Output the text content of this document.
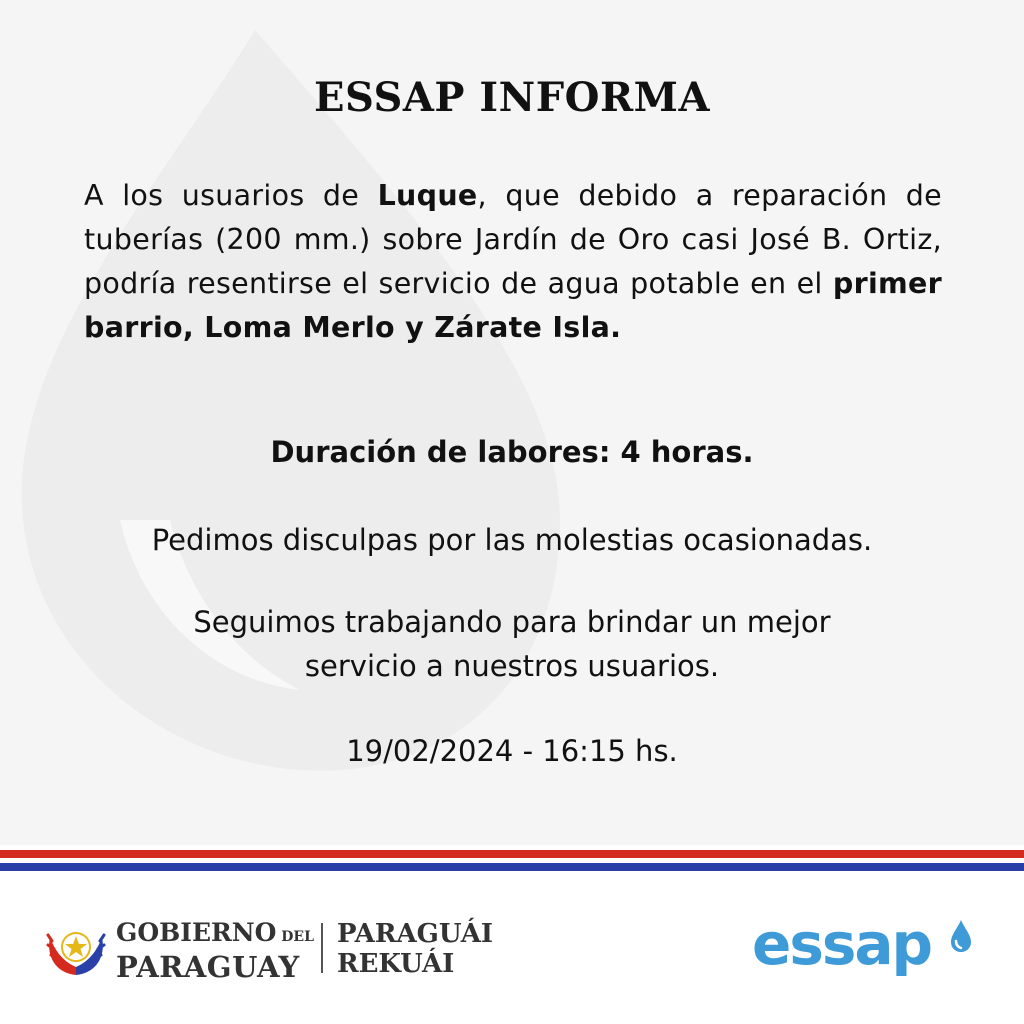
ESSAP INFORMA

A los usuarios de Luque, que debido a reparación de tuberías (200 mm.) sobre Jardín de Oro casi José B. Ortiz, podría resentirse el servicio de agua potable en el primer barrio, Loma Merlo y Zárate Isla.

Duración de labores: 4 horas.

Pedimos disculpas por las molestias ocasionadas.

Seguimos trabajando para brindar un mejor
servicio a nuestros usuarios.

19/02/2024 - 16:15 hs.

GOBIERNO DEL
PARAGUAY
PARAGUÁI
REKUÁI	essap
